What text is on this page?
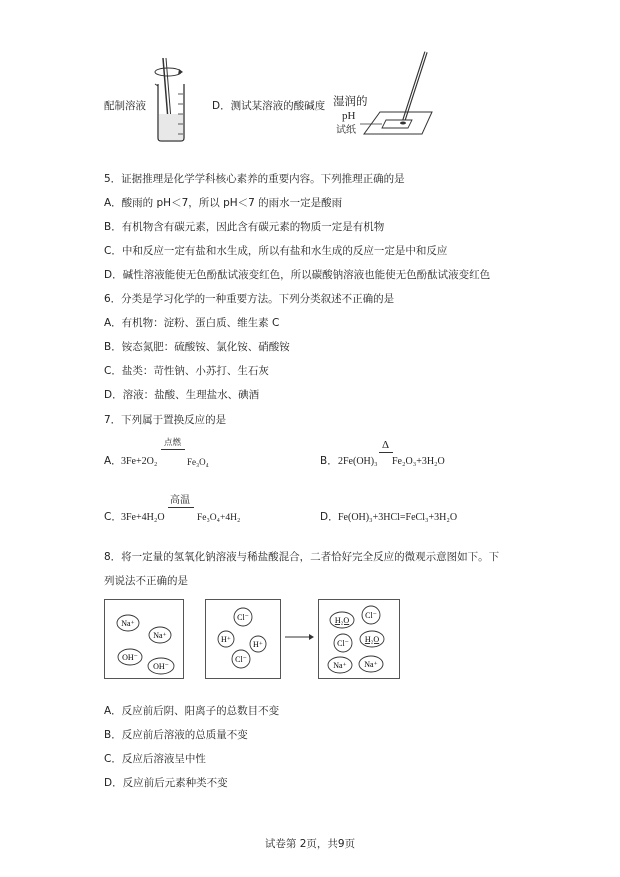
配制溶液	D．测试某溶液的酸碱度 湿润的
pH
试纸
5．证据推理是化学学科核心素养的重要内容。下列推理正确的是
A．酸雨的 pH＜7，所以 pH＜7 的雨水一定是酸雨
B．有机物含有碳元素，因此含有碳元素的物质一定是有机物
C．中和反应一定有盐和水生成，所以有盐和水生成的反应一定是中和反应
D．碱性溶液能使无色酚酞试液变红色，所以碳酸钠溶液也能使无色酚酞试液变红色
6．分类是学习化学的一种重要方法。下列分类叙述不正确的是
A．有机物：淀粉、蛋白质、维生素 C
B．铵态氮肥：硫酸铵、氯化铵、硝酸铵
C．盐类：苛性钠、小苏打、生石灰
D．溶液：盐酸、生理盐水、碘酒
7．下列属于置换反应的是
A． 3Fe+2O₂
点燃
Fe₃O₄	B． 2Fe(OH)₃
Δ
Fe₂O₃+3H₂O
C． 3Fe+4H₂O
高温
Fe₃O₄+4H₂	D． Fe(OH)₃+3HCl=FeCl₃+3H₂O
8．将一定量的氢氧化钠溶液与稀盐酸混合，二者恰好完全反应的微观示意图如下。下
列说法不正确的是
Na⁺
Na⁺
OH⁻
OH⁻
Cl⁻
H⁺
H⁺
Cl⁻
H₂O
Cl⁻
Cl⁻ H₂O
Na⁺ Na⁺
A．反应前后阴、阳离子的总数目不变
B．反应前后溶液的总质量不变
C．反应后溶液呈中性
D．反应前后元素种类不变
试卷第 2页，共9页
